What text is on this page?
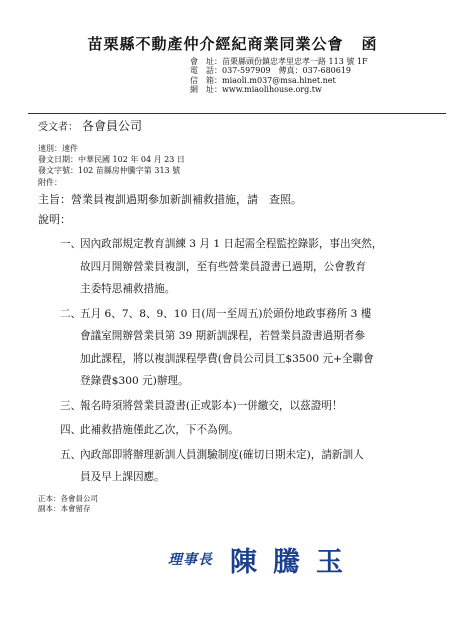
苗栗縣不動產仲介經紀商業同業公會 函
會　址：苗栗縣頭份鎮忠孝里忠孝一路 113 號 1F
電　話：037-597909　傳真：037-680619
信　箱：miaoli.m037@msa.hinet.net
網　址：www.miaolihouse.org.tw
受文者： 各會員公司
速別：速件
發文日期：中華民國 102 年 04 月 23 日
發文字號：102 苗縣房仲騰字第 313 號
附件：
主旨：營業員複訓過期參加新訓補救措施，請　查照。
說明：
一、
因內政部規定教育訓練 3 月 1 日起需全程監控錄影，事出突然，
故四月開辦營業員複訓，至有些營業員證書已過期，公會教育
主委特思補救措施。
二、
五月 6、7、8、9、10 日(周一至周五)於頭份地政事務所 3 樓
會議室開辦營業員第 39 期新訓課程，若營業員證書過期者參
加此課程，將以複訓課程學費(會員公司員工$3500 元+全聯會
登錄費$300 元)辦理。
三、
報名時須將營業員證書(正或影本)一併繳交，以茲證明！
四、
此補救措施僅此乙次，下不為例。
五、
內政部即將辦理新訓人員測驗制度(確切日期未定)，請新訓人
員及早上課因應。
正本：各會員公司
副本：本會留存
理事長 陳騰玉
